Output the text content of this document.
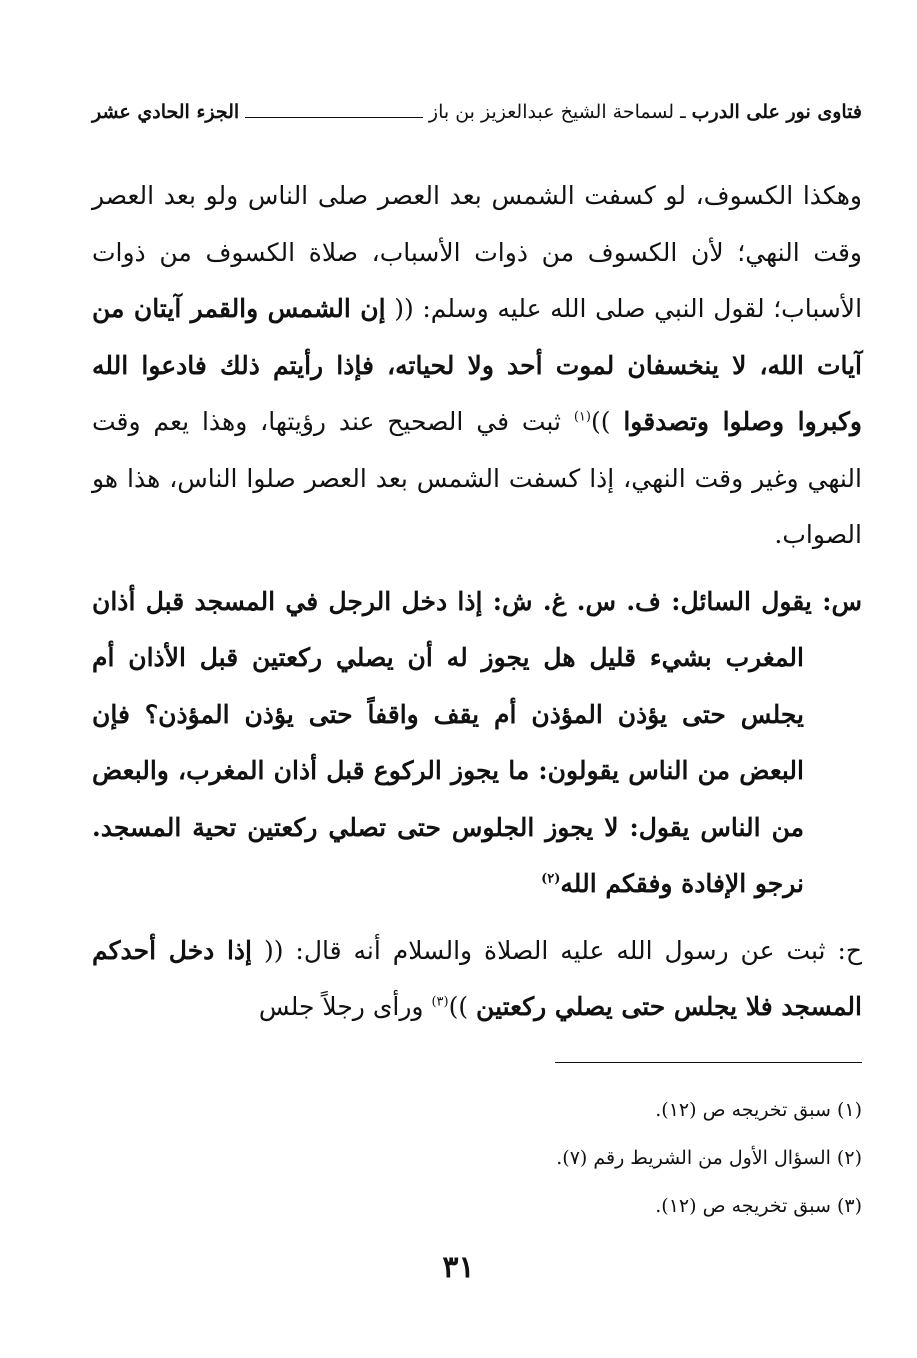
فتاوى نور على الدرب
ـ
لسماحة الشيخ عبدالعزيز بن باز
الجزء الحادي عشر

وهكذا الكسوف، لو كسفت الشمس بعد العصر صلى الناس ولو بعد العصر وقت النهي؛ لأن الكسوف من ذوات الأسباب، صلاة الكسوف من ذوات الأسباب؛ لقول النبي صلى الله عليه وسلم: (( إن الشمس والقمر آيتان من آيات الله، لا ينخسفان لموت أحد ولا لحياته، فإذا رأيتم ذلك فادعوا الله وكبروا وصلوا وتصدقوا ))$^{(١)}$ ثبت في الصحيح عند رؤيتها، وهذا يعم وقت النهي وغير وقت النهي، إذا كسفت الشمس بعد العصر صلوا الناس، هذا هو الصواب.

س: يقول السائل: ف. س. غ. ش: إذا دخل الرجل في المسجد قبل أذان المغرب بشيء قليل هل يجوز له أن يصلي ركعتين قبل الأذان أم يجلس حتى يؤذن المؤذن أم يقف واقفاً حتى يؤذن المؤذن؟ فإن البعض من الناس يقولون: ما يجوز الركوع قبل أذان المغرب، والبعض من الناس يقول: لا يجوز الجلوس حتى تصلي ركعتين تحية المسجد. نرجو الإفادة وفقكم الله$^{(٢)}$

ح: ثبت عن رسول الله عليه الصلاة والسلام أنه قال: (( إذا دخل أحدكم المسجد فلا يجلس حتى يصلي ركعتين ))$^{(٣)}$ ورأى رجلاً جلس

(١) سبق تخريجه ص (١٢).
(٢) السؤال الأول من الشريط رقم (٧).
(٣) سبق تخريجه ص (١٢).
٣١
